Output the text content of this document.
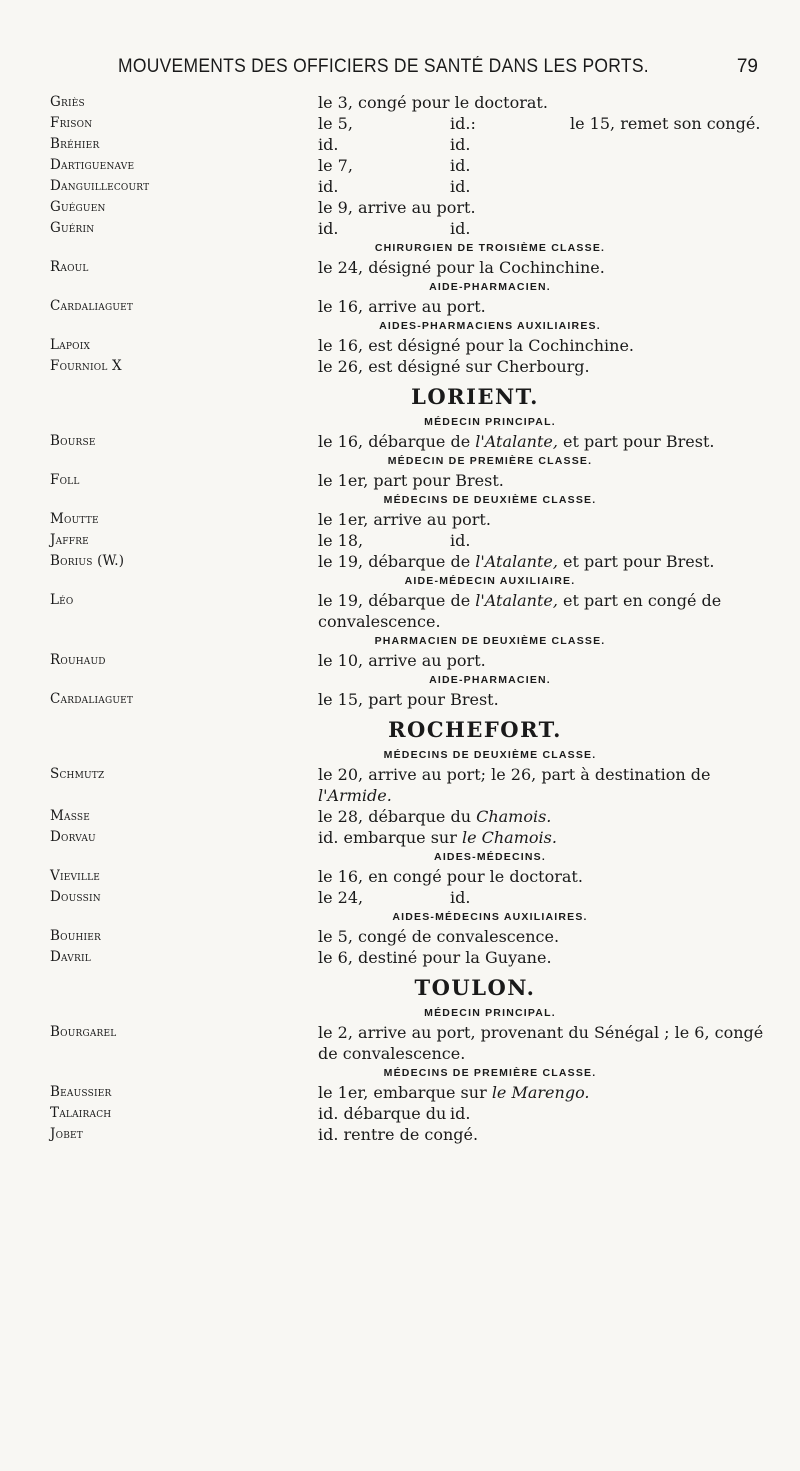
MOUVEMENTS DES OFFICIERS DE SANTÉ DANS LES PORTS.	79
Griès	le 3, congé pour le doctorat.
Frison	le 5,	id.:	le 15, remet son congé.
Bréhier	id.	id.
Dartiguenave	le 7,	id.
Danguillecourt	id.	id.
Guéguen	le 9, arrive au port.
Guérin	id.	id.
CHIRURGIEN DE TROISIÈME CLASSE.
Raoul	le 24, désigné pour la Cochinchine.
AIDE-PHARMACIEN.
Cardaliaguet	le 16, arrive au port.
AIDES-PHARMACIENS AUXILIAIRES.
Lapoix	le 16, est désigné pour la Cochinchine.
Fourniol X	le 26, est désigné sur Cherbourg.
LORIENT.
MÉDECIN PRINCIPAL.
Bourse	le 16, débarque de l'Atalante, et part pour Brest.
MÉDECIN DE PREMIÈRE CLASSE.
Foll	le 1er, part pour Brest.
MÉDECINS DE DEUXIÈME CLASSE.
Moutte	le 1er, arrive au port.
Jaffre	le 18,	id.
Borius (W.)	le 19, débarque de l'Atalante, et part pour Brest.
AIDE-MÉDECIN AUXILIAIRE.
Léo	le 19, débarque de l'Atalante, et part en congé de convalescence.
PHARMACIEN DE DEUXIÈME CLASSE.
Rouhaud	le 10, arrive au port.
AIDE-PHARMACIEN.
Cardaliaguet	le 15, part pour Brest.
ROCHEFORT.
MÉDECINS DE DEUXIÈME CLASSE.
Schmutz	le 20, arrive au port; le 26, part à destination de l'Armide.
Masse	le 28, débarque du Chamois.
Dorvau	id. embarque sur le Chamois.
AIDES-MÉDECINS.
Vieville	le 16, en congé pour le doctorat.
Doussin	le 24,	id.
AIDES-MÉDECINS AUXILIAIRES.
Bouhier	le 5, congé de convalescence.
Davril	le 6, destiné pour la Guyane.
TOULON.
MÉDECIN PRINCIPAL.
Bourgarel	le 2, arrive au port, provenant du Sénégal ; le 6, congé de convalescence.
MÉDECINS DE PREMIÈRE CLASSE.
Beaussier	le 1er, embarque sur le Marengo.
Talairach	id. débarque du id.
Jobet	id. rentre de congé.
